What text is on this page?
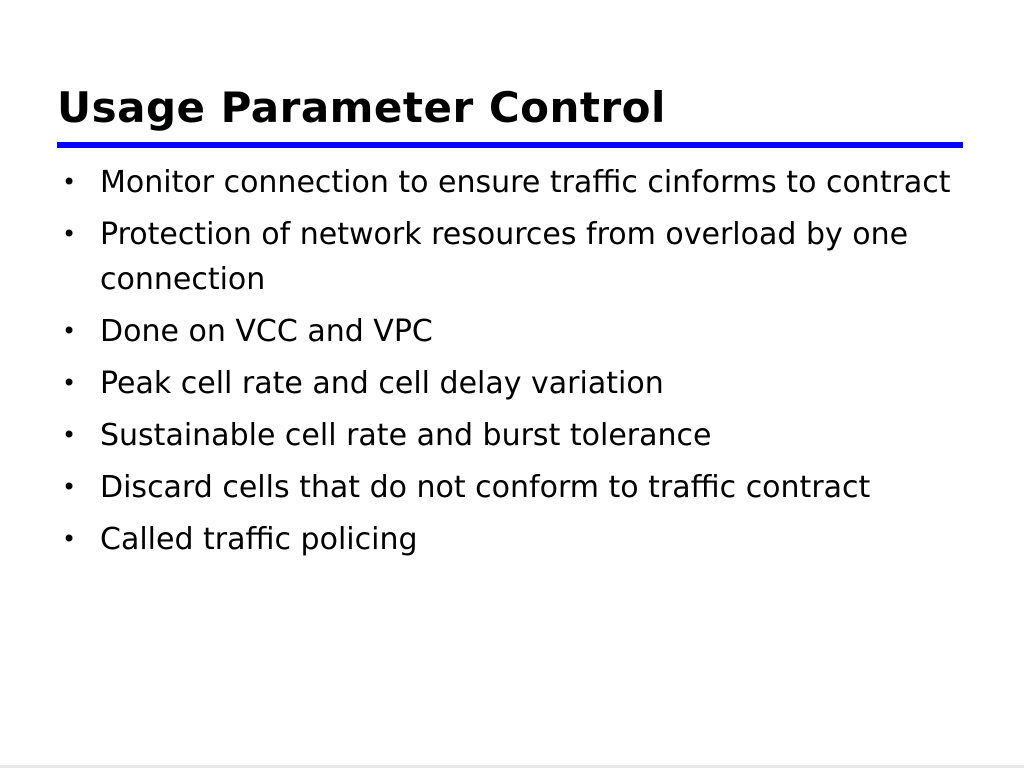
Usage Parameter Control
• Monitor connection to ensure traffic cinforms to contract
• Protection of network resources from overload by one connection
• Done on VCC and VPC
• Peak cell rate and cell delay variation
• Sustainable cell rate and burst tolerance
• Discard cells that do not conform to traffic contract
• Called traffic policing
